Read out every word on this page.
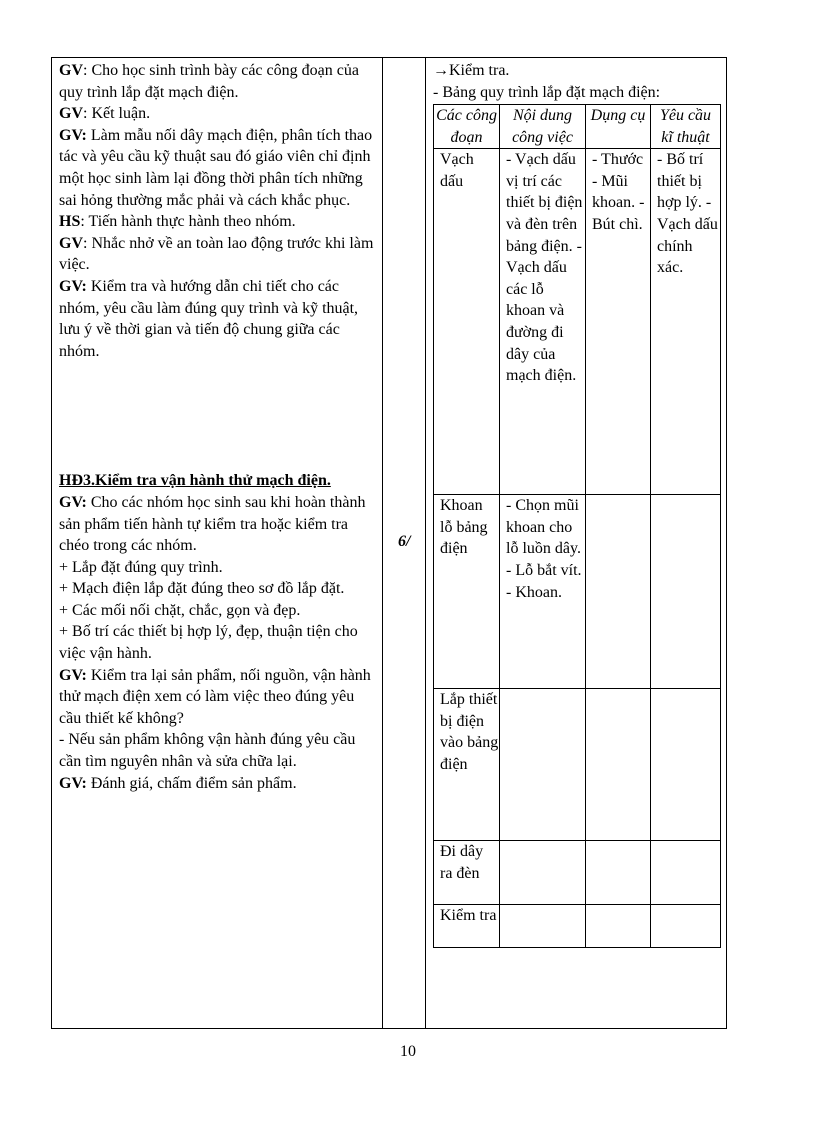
GV: Cho học sinh trình bày các công đoạn của quy trình lắp đặt mạch điện.

GV: Kết luận.

GV: Làm mẫu nối dây mạch điện, phân tích thao tác và yêu cầu kỹ thuật sau đó giáo viên chỉ định một học sinh làm lại đồng thời phân tích những sai hỏng thường mắc phải và cách khắc phục.

HS: Tiến hành thực hành theo nhóm.

GV: Nhắc nhở về an toàn lao động trước khi làm việc.

GV: Kiểm tra và hướng dẫn chi tiết cho các nhóm, yêu cầu làm đúng quy trình và kỹ thuật, lưu ý về thời gian và tiến độ chung giữa các nhóm.

HĐ3.Kiểm tra vận hành thử mạch điện.

GV: Cho các nhóm học sinh sau khi hoàn thành sản phẩm tiến hành tự kiểm tra hoặc kiểm tra chéo trong các nhóm.

+ Lắp đặt đúng quy trình.

+ Mạch điện lắp đặt đúng theo sơ đồ lắp đặt.

+ Các mối nối chặt, chắc, gọn và đẹp.

+ Bố trí các thiết bị hợp lý, đẹp, thuận tiện cho việc vận hành.

GV: Kiểm tra lại sản phẩm, nối nguồn, vận hành thử mạch điện xem có làm việc theo đúng yêu cầu thiết kế không?

- Nếu sản phẩm không vận hành đúng yêu cầu cần tìm nguyên nhân và sửa chữa lại.

GV: Đánh giá, chấm điểm sản phẩm.

6/

→Kiểm tra.

- Bảng quy trình lắp đặt mạch điện:

Các công đoạn	Nội dung công việc	Dụng cụ	Yêu cầu kĩ thuật
Vạch dấu	- Vạch dấu vị trí các thiết bị điện và đèn trên bảng điện. - Vạch dấu các lỗ khoan và đường đi dây của mạch điện.	- Thước - Mũi khoan. - Bút chì.	- Bố trí thiết bị hợp lý. - Vạch dấu chính xác.
Khoan lỗ bảng điện	- Chọn mũi khoan cho lỗ luồn dây. - Lỗ bắt vít. - Khoan.		
Lắp thiết bị điện vào bảng điện			
Đi dây ra đèn			
Kiểm tra			
10
